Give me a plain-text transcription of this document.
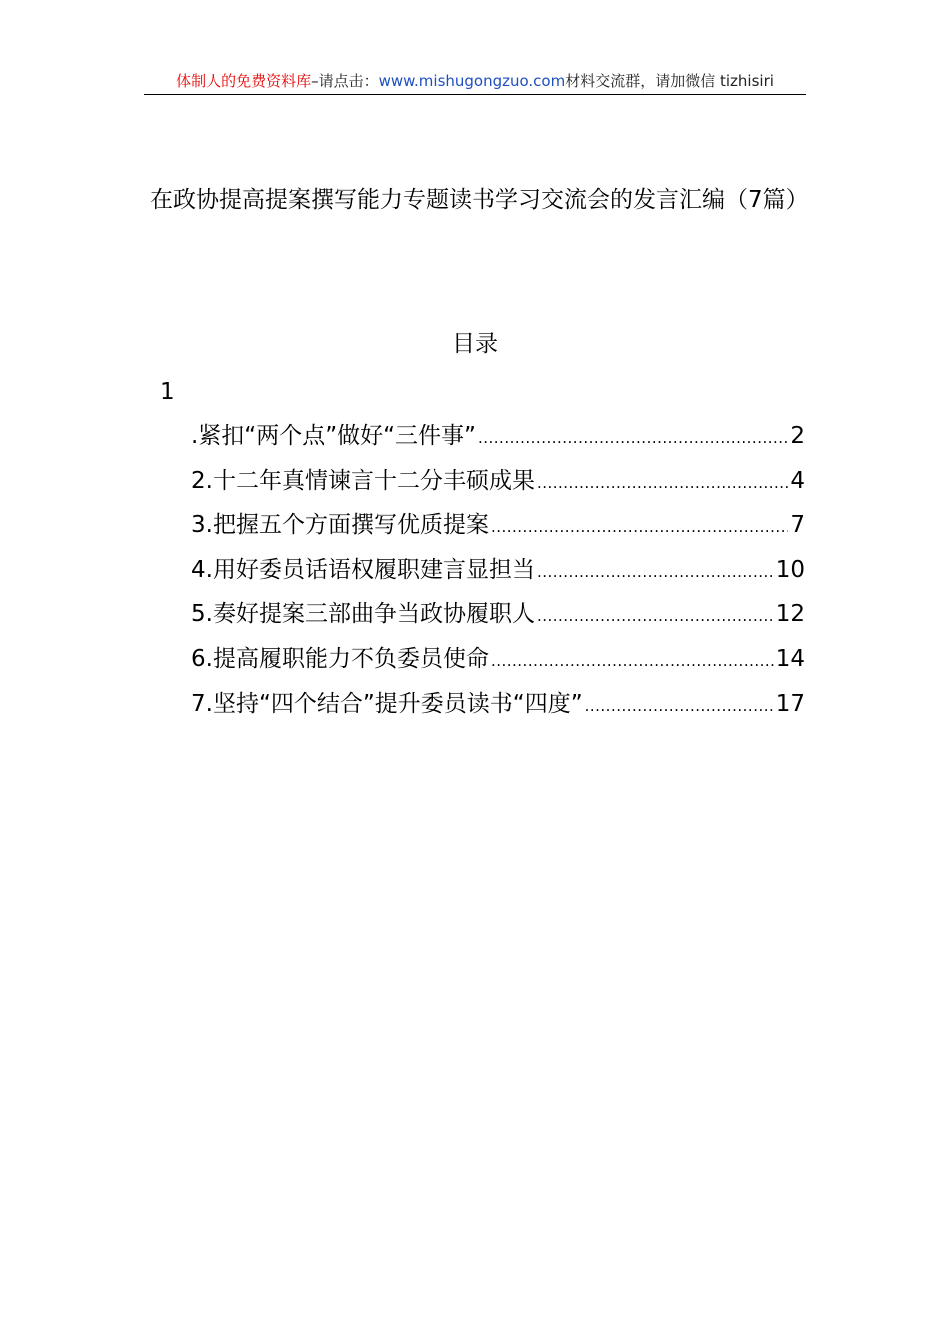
体制人的免费资料库–请点击：www.mishugongzuo.com材料交流群，请加微信 tizhisiri
在政协提高提案撰写能力专题读书学习交流会的发言汇编（7篇）
目录
1
.紧扣“两个点”做好“三件事” .....	2
2.十二年真情谏言十二分丰硕成果 .....	4
3.把握五个方面撰写优质提案 .....	7
4.用好委员话语权履职建言显担当 .....	10
5.奏好提案三部曲争当政协履职人 .....	12
6.提高履职能力不负委员使命 .....	14
7.坚持“四个结合”提升委员读书“四度” .....	17
